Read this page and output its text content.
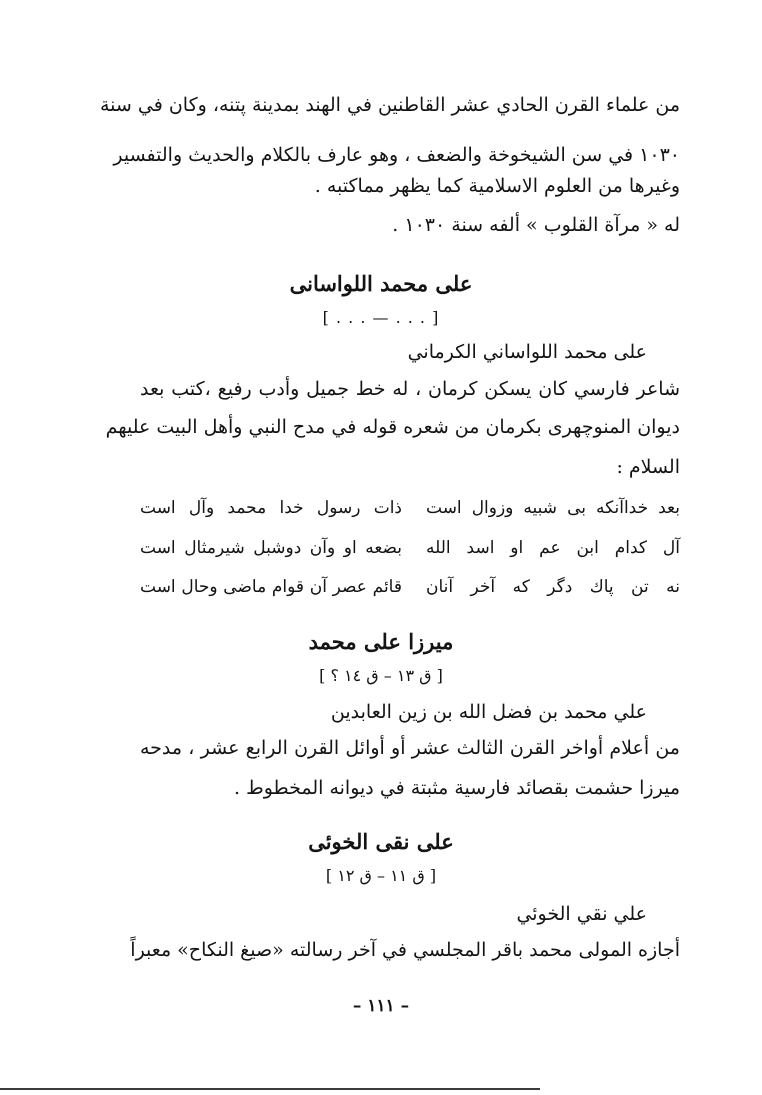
من علماء القرن الحادي عشر القاطنين في الهند بمدينة پتنه، وكان في سنة
١٠٣٠ في سن الشيخوخة والضعف ، وهو عارف بالكلام والحديث والتفسير
وغيرها من العلوم الاسلامية كما يظهر مماكتبه .
له « مرآة القلوب » ألفه سنة ١٠٣٠ .
على محمد اللواسانى
[ . . . — . . . ]
على محمد اللواساني الكرماني
شاعر فارسي كان يسكن كرمان ، له خط جميل وأدب رفيع ،كتب بعد
ديوان المنوچهرى بكرمان من شعره قوله في مدح النبي وأهل البيت عليهم
السلام :
بعد خداآنكه بى شبيه وزوال است
ذات رسول خدا محمد وآل است
آل كدام ابن عم او اسد الله
بضعه او وآن دوشبل شيرمثال است
نه تن پاك دگر كه آخر آنان
قائم عصر آن قوام ماضى وحال است
ميرزا على محمد
[ ق ١٣ – ق ١٤ ؟ ]
علي محمد بن فضل الله بن زين العابدين
من أعلام أواخر القرن الثالث عشر أو أوائل القرن الرابع عشر ، مدحه
ميرزا حشمت بقصائد فارسية مثبتة في ديوانه المخطوط .
على نقى الخوئى
[ ق ١١ – ق ١٢ ]
علي نقي الخوئي
أجازه المولى محمد باقر المجلسي في آخر رسالته «صيغ النكاح» معبراً
– ١١١ –
